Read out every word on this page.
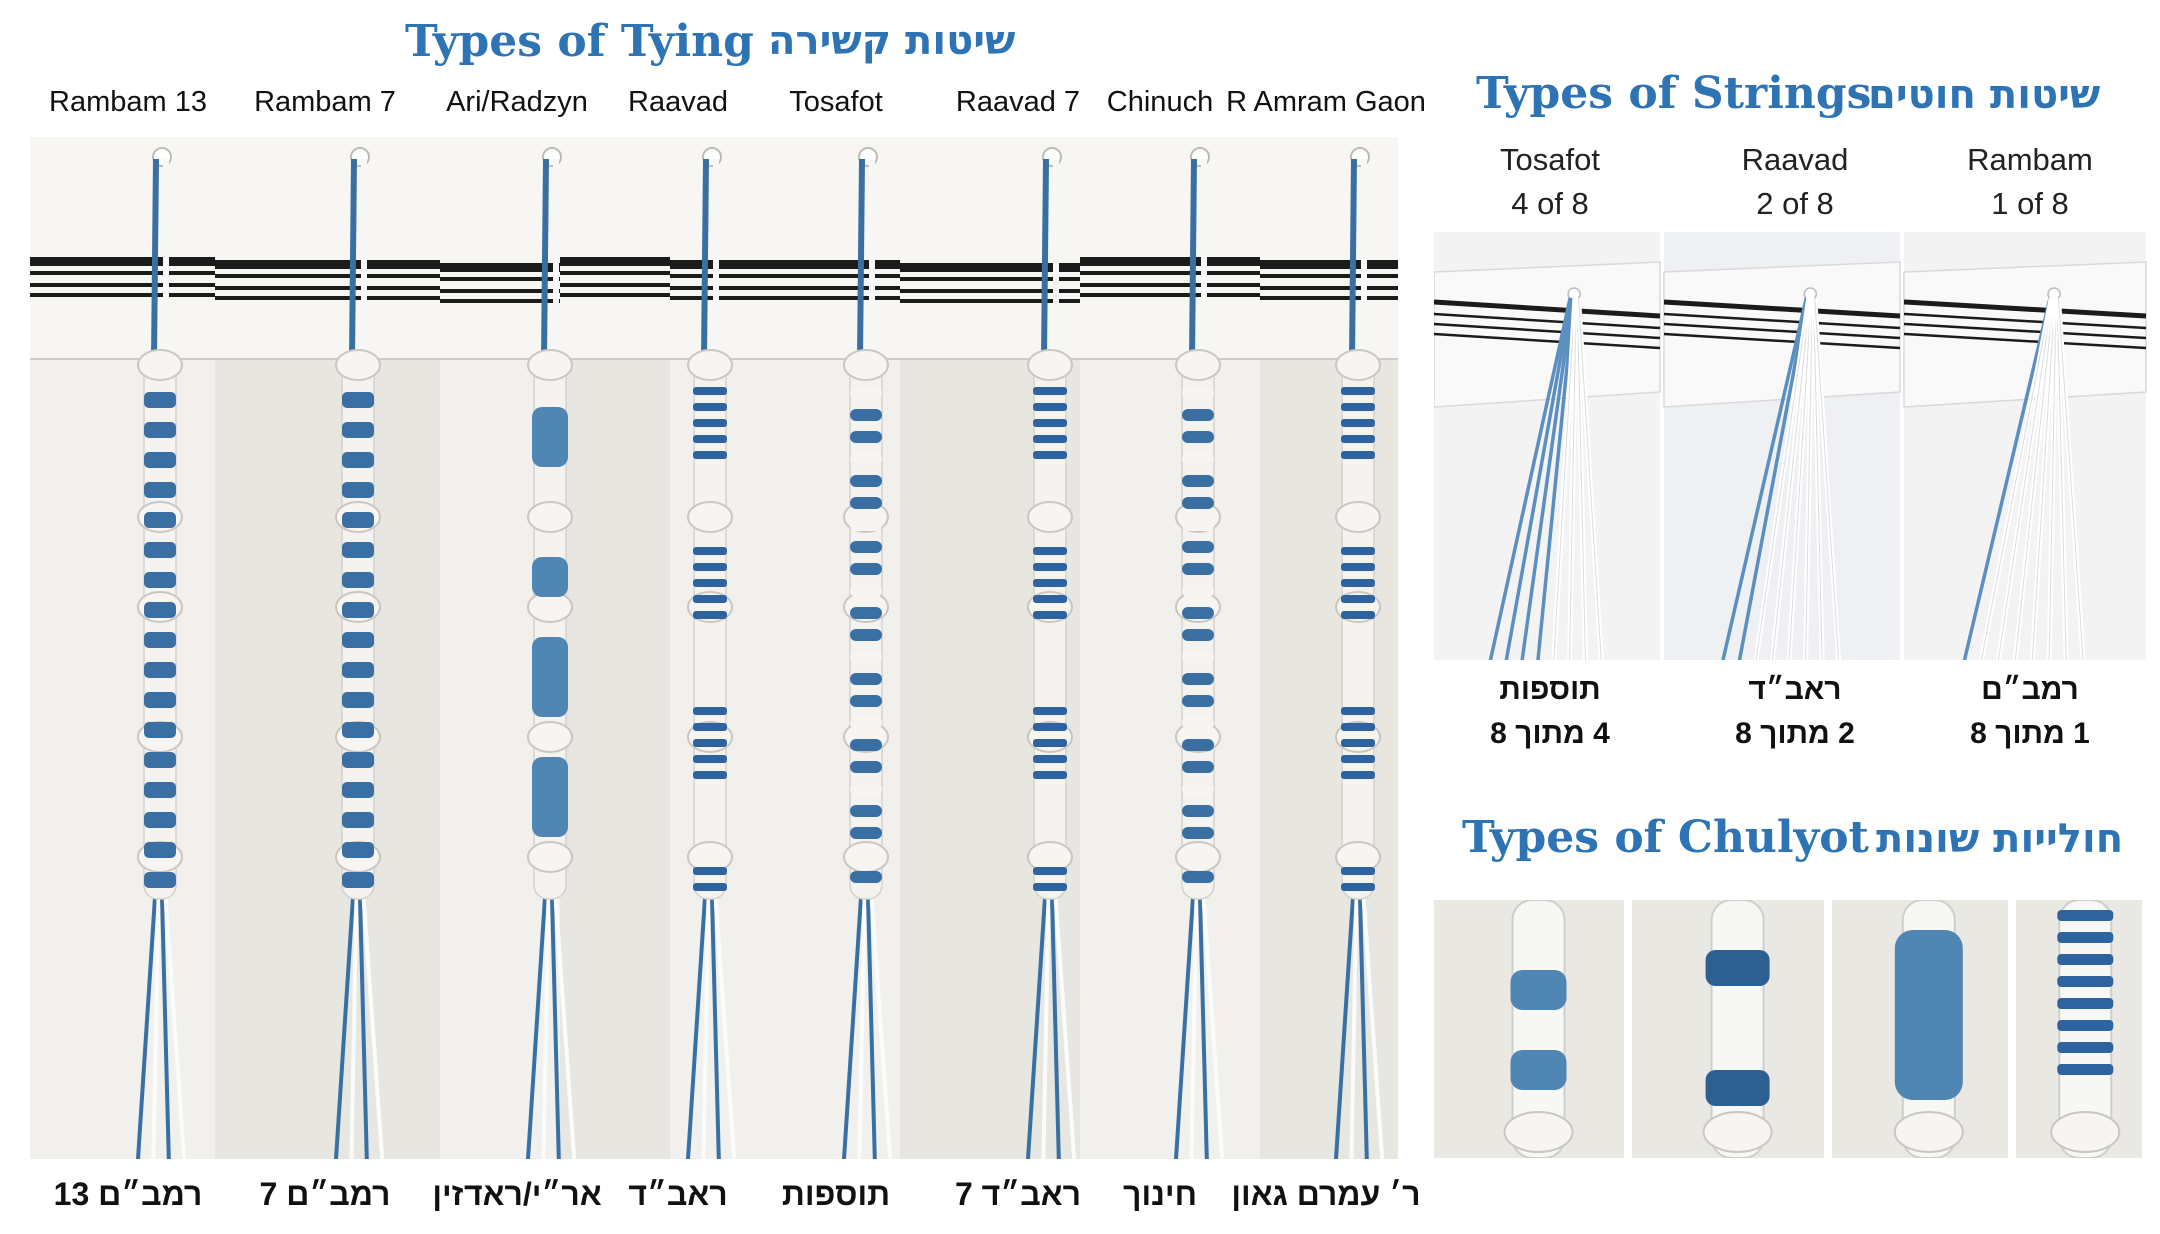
Types of Tying שיטות קשירה
Rambam 13	Rambam 7	Ari/Radzyn	Raavad	Tosafot	Raavad 7 Chinuch R Amram Gaon
רמב״ם 13	רמב״ם 7	אר״י/ראדזין ראב״ד	תוספות	ראב״ד 7	חינוך	ר׳ עמרם גאון
Types of Strings
שיטות חוטים
Tosafot
4 of 8
Raavad
2 of 8
Rambam
1 of 8
תוספות
4 מתוך 8
ראב״ד
2 מתוך 8
רמב״ם
1 מתוך 8
Types of Chulyot חולייות שונות
